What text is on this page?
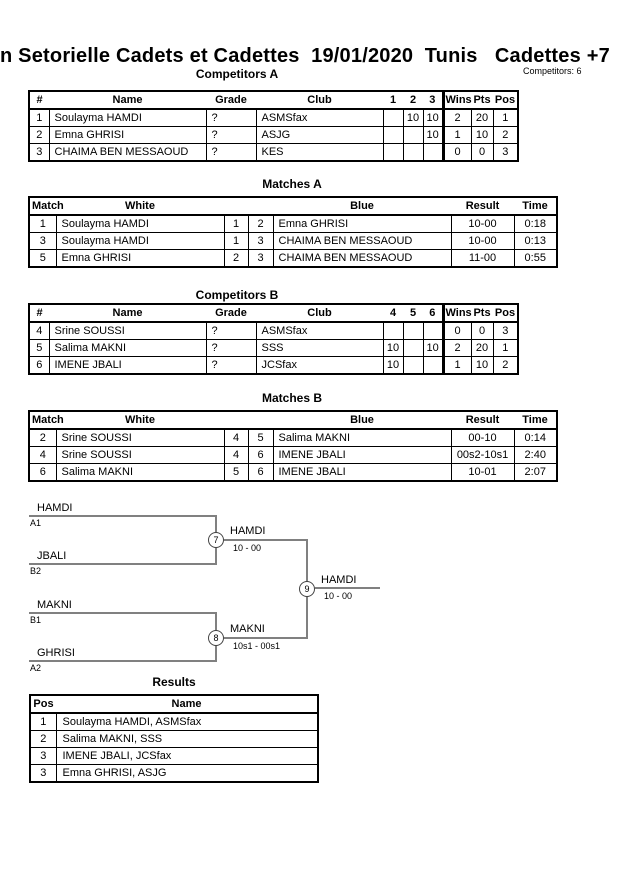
n Setorielle Cadets et Cadettes  19/01/2020  Tunis   Cadettes +7
Competitors: 6
Competitors A
#	Name	Grade	Club	1	2	3	Wins	Pts	Pos
1	Soulayma HAMDI	?	ASMSfax		10	10	2	20	1
2	Emna GHRISI	?	ASJG			10	1	10	2
3	CHAIMA BEN MESSAOUD	?	KES				0	0	3
Matches A
Match	White			Blue	Result	Time
1	Soulayma HAMDI	1	2	Emna GHRISI	10-00	0:18
3	Soulayma HAMDI	1	3	CHAIMA BEN MESSAOUD	10-00	0:13
5	Emna GHRISI	2	3	CHAIMA BEN MESSAOUD	11-00	0:55
Competitors B
#	Name	Grade	Club	4	5	6	Wins	Pts	Pos
4	Srine SOUSSI	?	ASMSfax				0	0	3
5	Salima MAKNI	?	SSS	10		10	2	20	1
6	IMENE JBALI	?	JCSfax	10			1	10	2
Matches B
Match	White			Blue	Result	Time
2	Srine SOUSSI	4	5	Salima MAKNI	00-10	0:14
4	Srine SOUSSI	4	6	IMENE JBALI	00s2-10s1	2:40
6	Salima MAKNI	5	6	IMENE JBALI	10-01	2:07
HAMDI
A1
JBALI
B2
MAKNI
B1
GHRISI
A2
7
HAMDI
10 - 00
8
MAKNI
10s1 - 00s1
9
HAMDI
10 - 00
Results
Pos	Name
1	Soulayma HAMDI, ASMSfax
2	Salima MAKNI, SSS
3	IMENE JBALI, JCSfax
3	Emna GHRISI, ASJG
